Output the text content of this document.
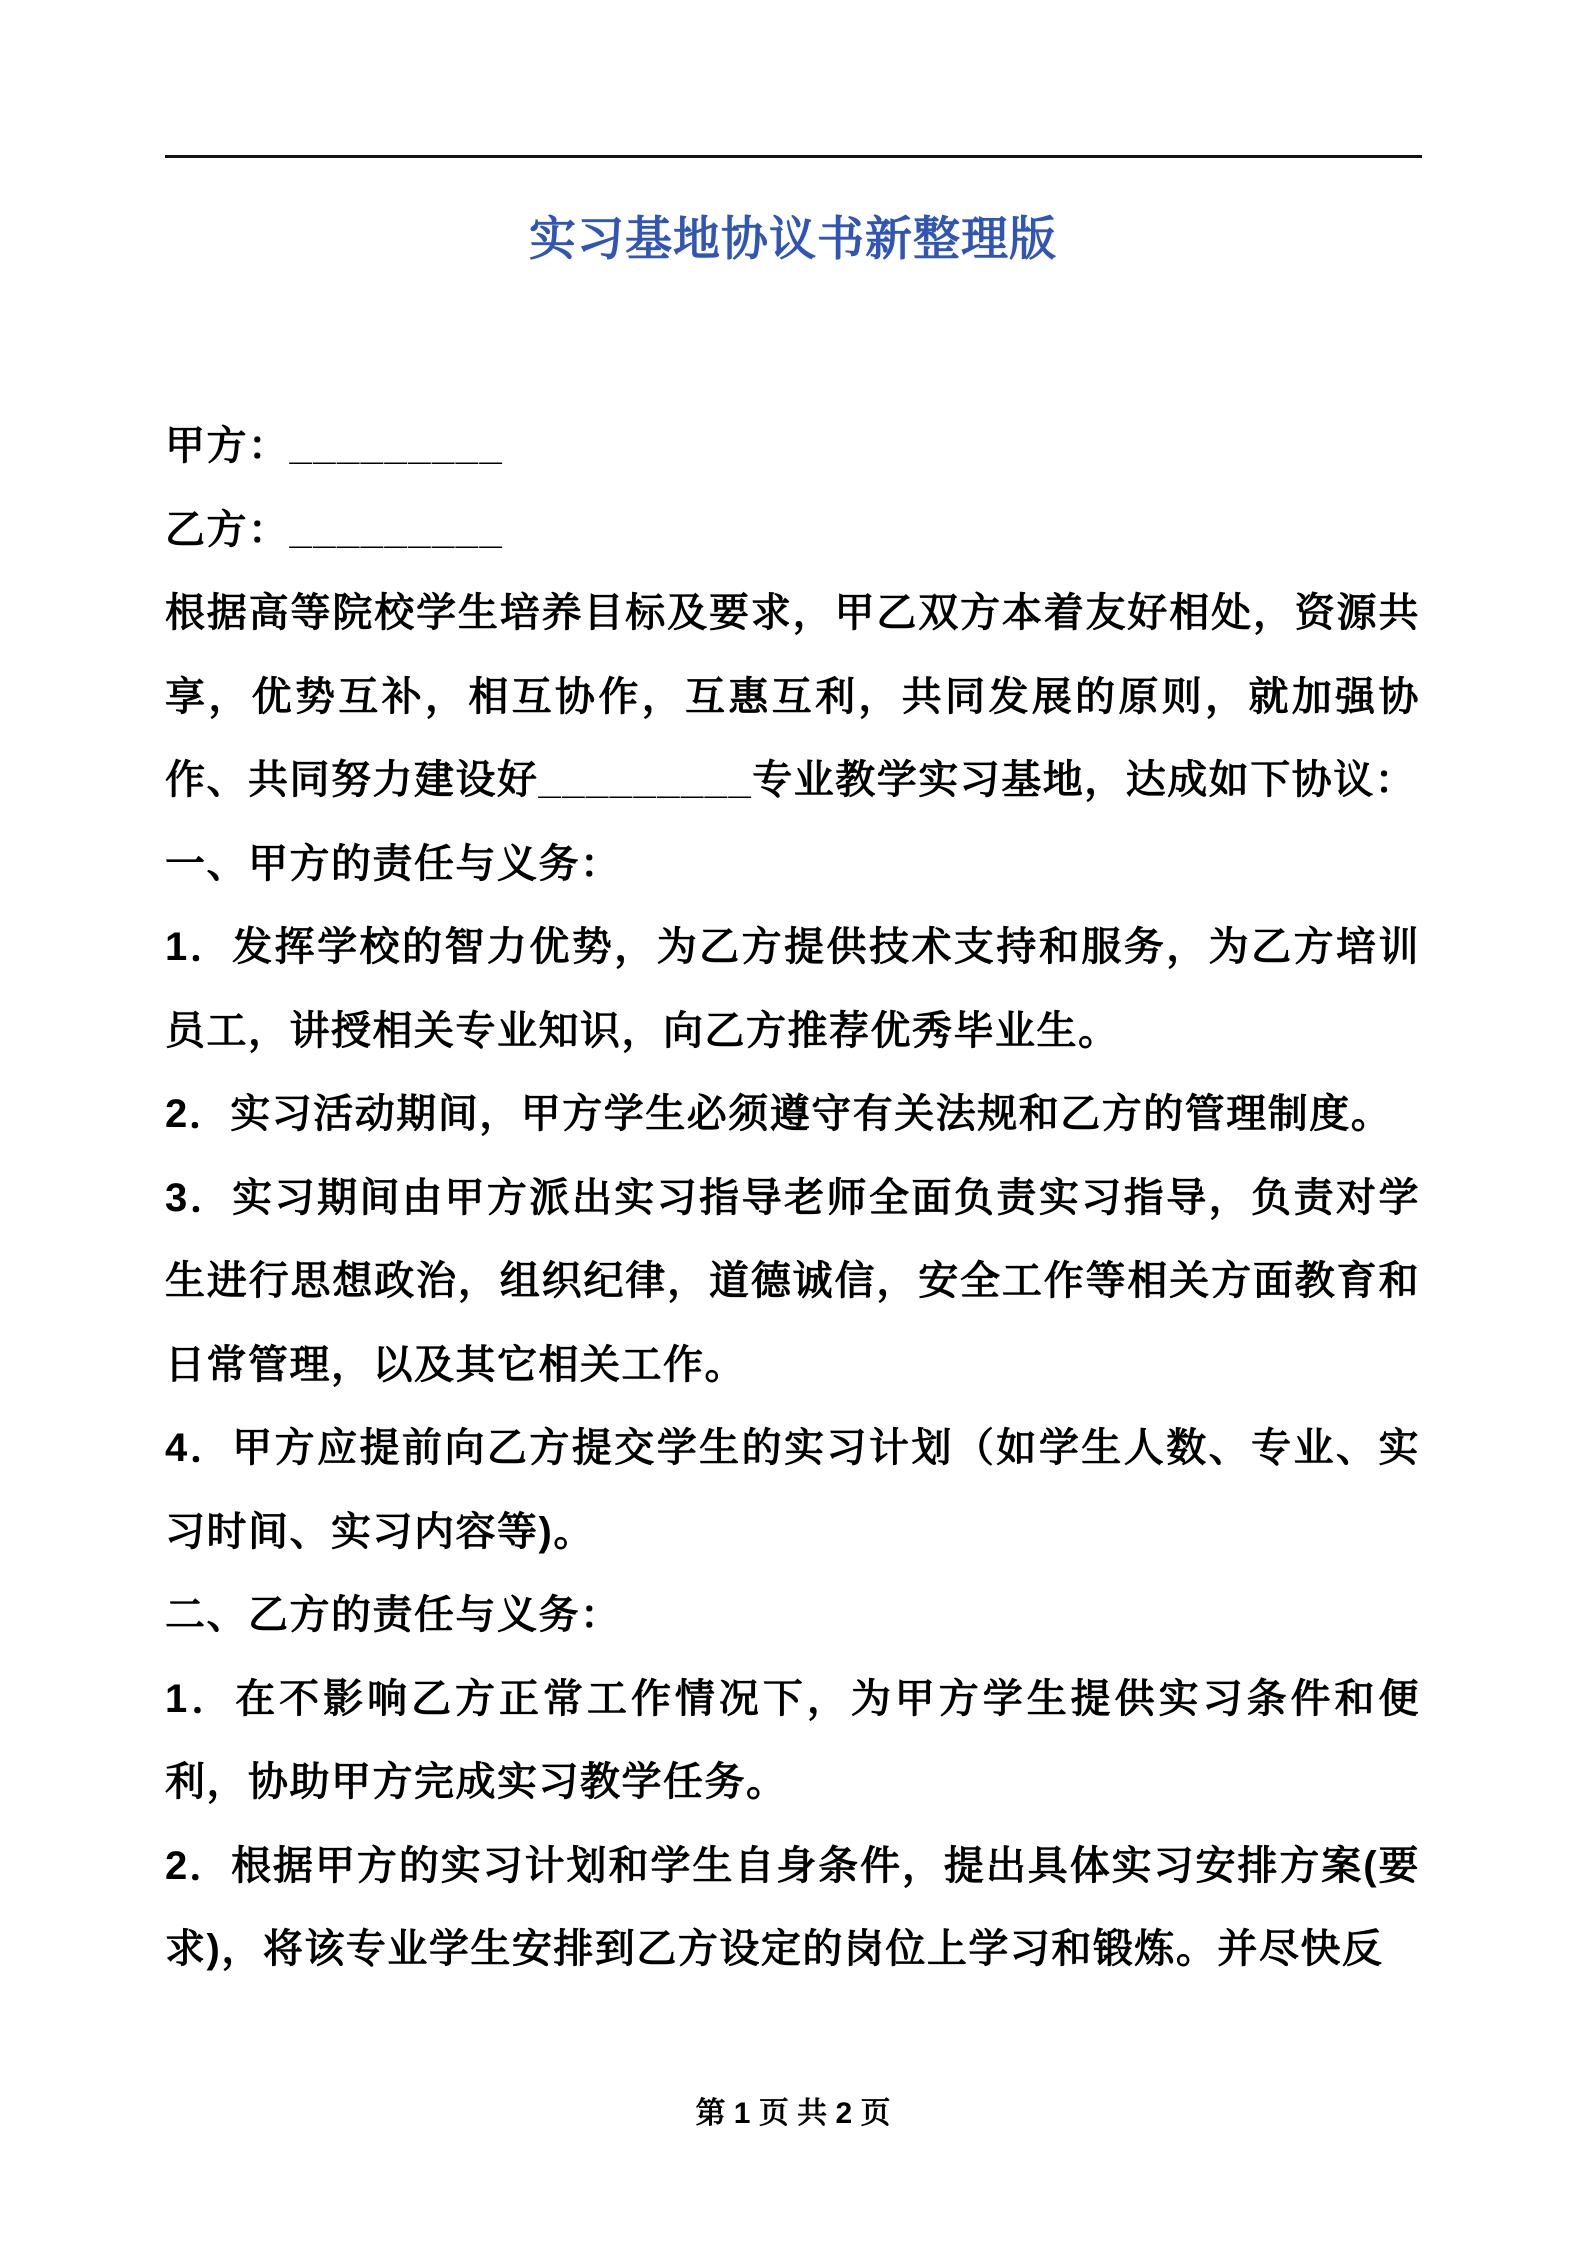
实习基地协议书新整理版

甲方：_________

乙方：_________

根据高等院校学生培养目标及要求，甲乙双方本着友好相处，资源共享，优势互补，相互协作，互惠互利，共同发展的原则，就加强协作、共同努力建设好_________专业教学实习基地，达成如下协议：

一、甲方的责任与义务：

1．发挥学校的智力优势，为乙方提供技术支持和服务，为乙方培训员工，讲授相关专业知识，向乙方推荐优秀毕业生。

2．实习活动期间，甲方学生必须遵守有关法规和乙方的管理制度。

3．实习期间由甲方派出实习指导老师全面负责实习指导，负责对学生进行思想政治，组织纪律，道德诚信，安全工作等相关方面教育和日常管理，以及其它相关工作。

4．甲方应提前向乙方提交学生的实习计划（如学生人数、专业、实习时间、实习内容等)。

二、乙方的责任与义务：

1．在不影响乙方正常工作情况下，为甲方学生提供实习条件和便利，协助甲方完成实习教学任务。

2．根据甲方的实习计划和学生自身条件，提出具体实习安排方案(要求)，将该专业学生安排到乙方设定的岗位上学习和锻炼。并尽快反

第 1 页 共 2 页
